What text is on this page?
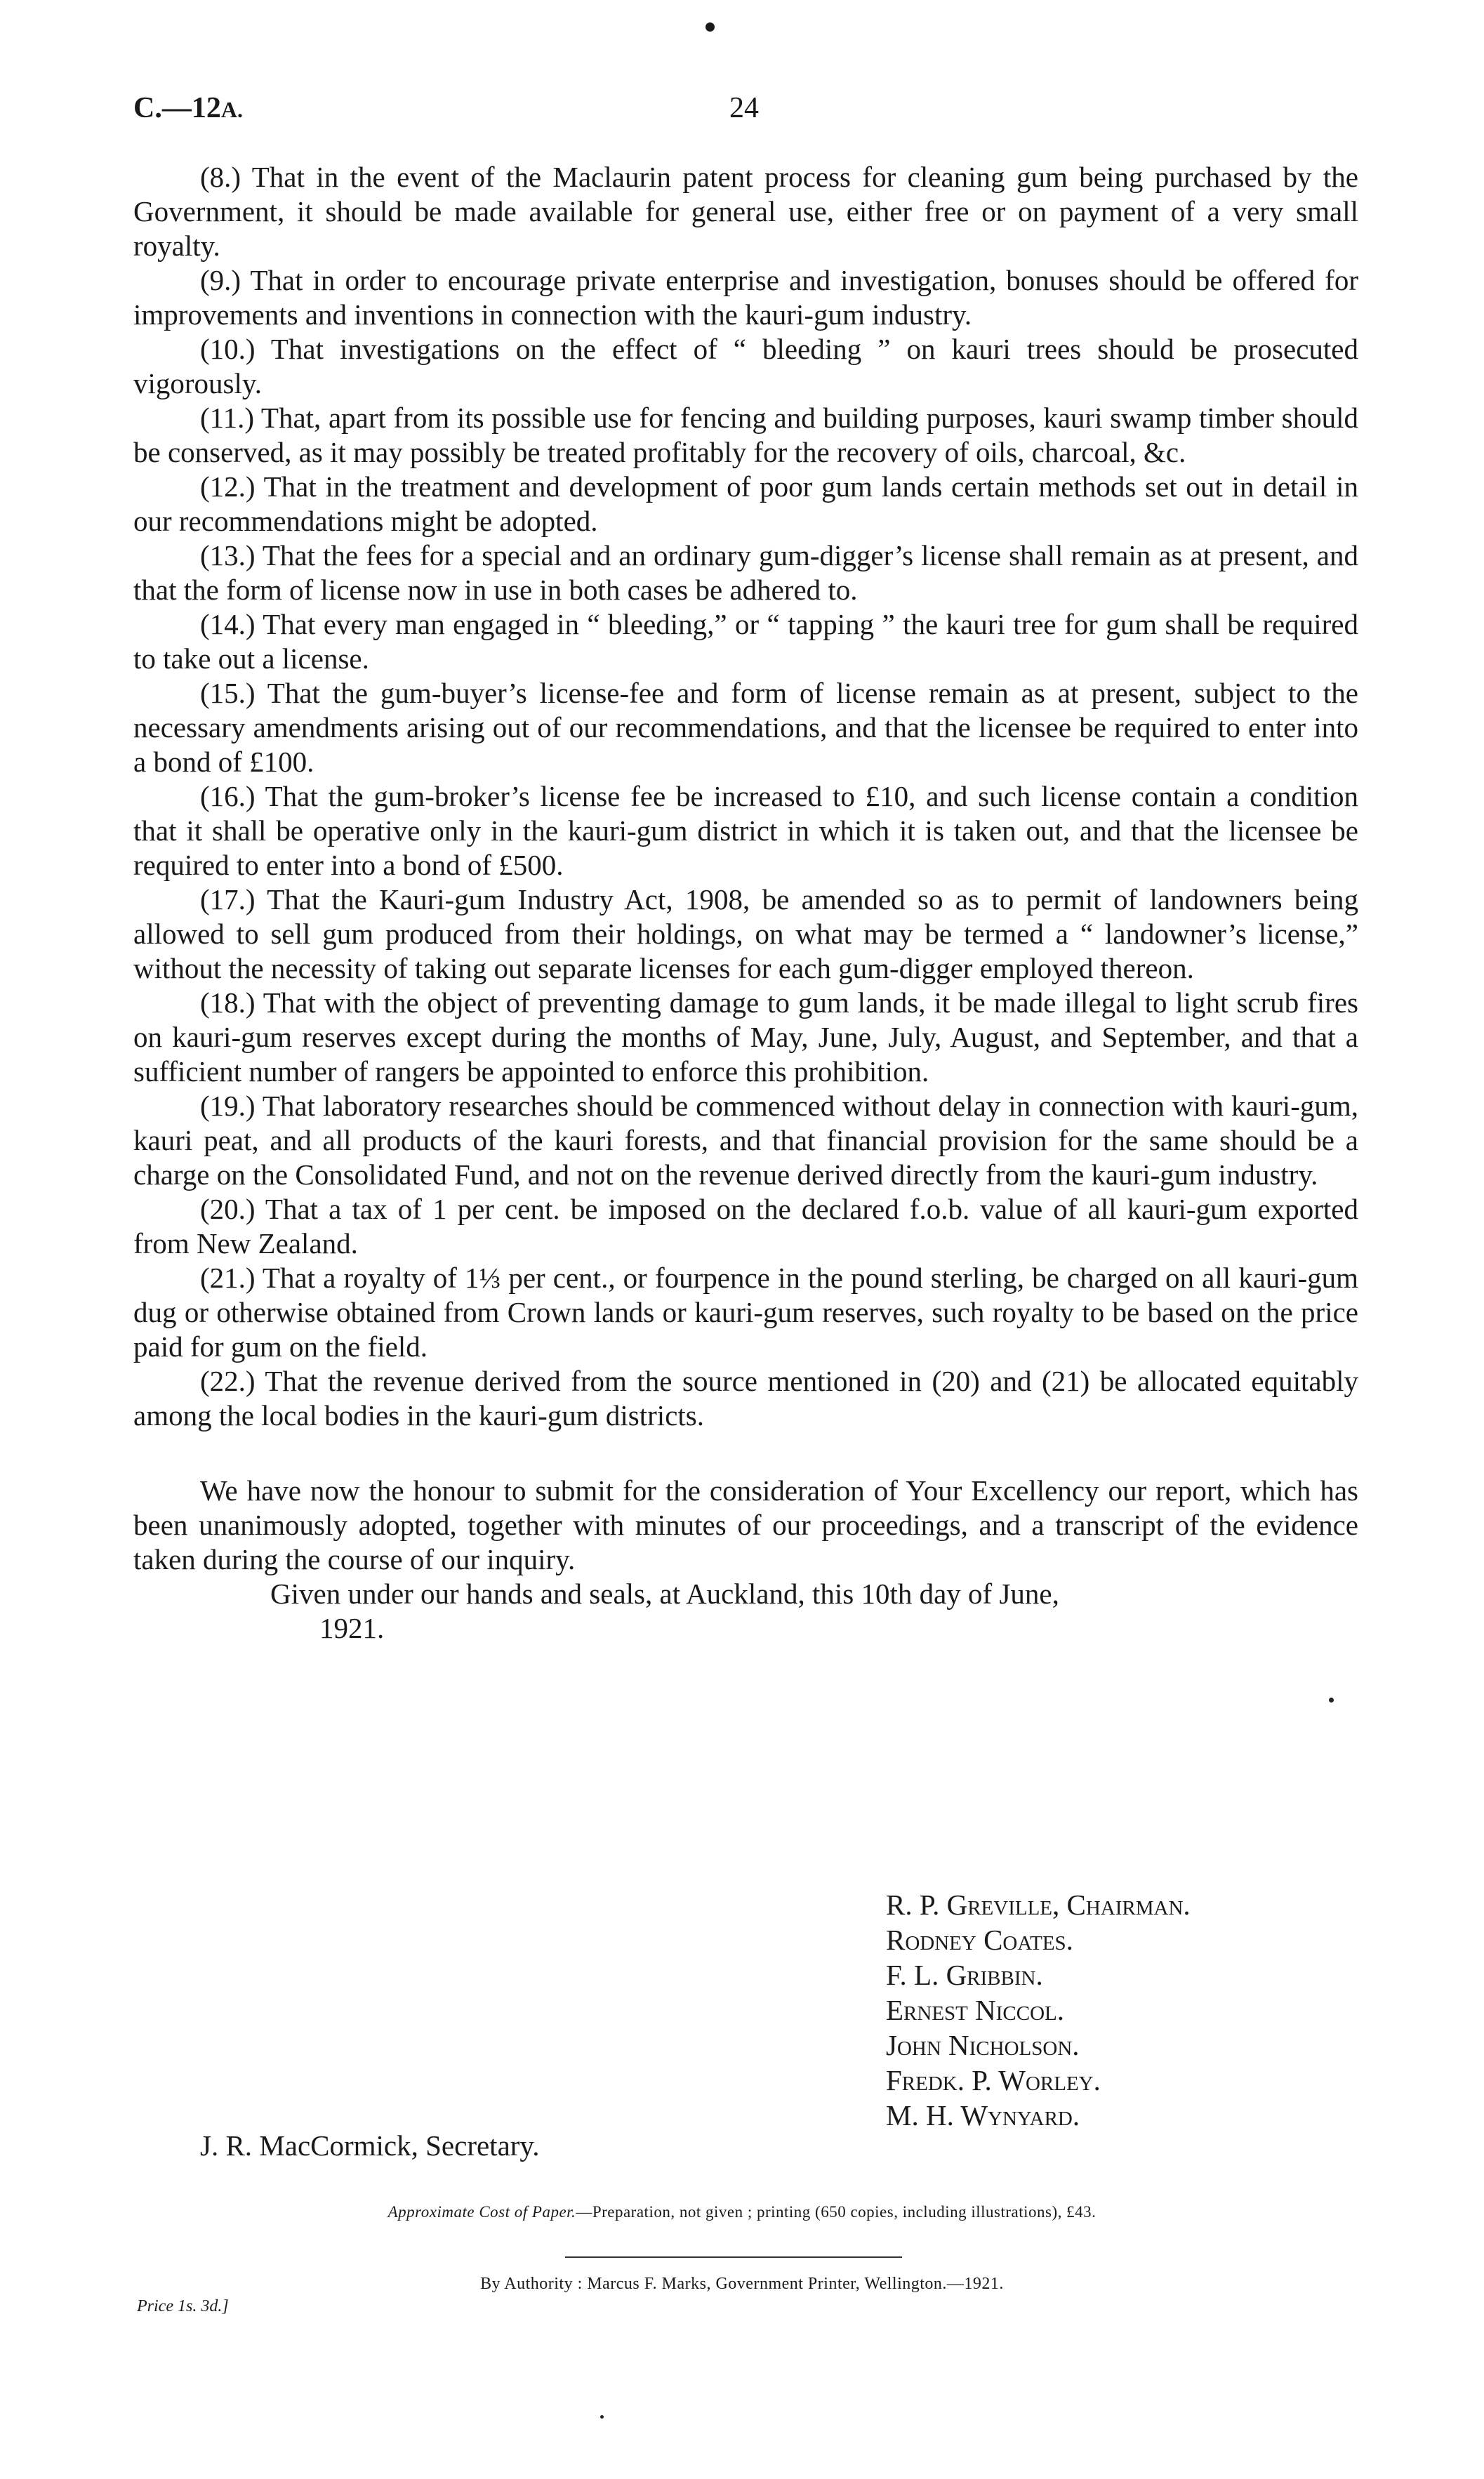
C.—12A.	24

(8.) That in the event of the Maclaurin patent process for cleaning gum being purchased by the Government, it should be made available for general use, either free or on payment of a very small royalty.

(9.) That in order to encourage private enterprise and investigation, bonuses should be offered for improvements and inventions in connection with the kauri-gum industry.

(10.) That investigations on the effect of “ bleeding ” on kauri trees should be prosecuted vigorously.

(11.) That, apart from its possible use for fencing and building purposes, kauri swamp timber should be conserved, as it may possibly be treated profitably for the recovery of oils, charcoal, &c.

(12.) That in the treatment and development of poor gum lands certain methods set out in detail in our recommendations might be adopted.

(13.) That the fees for a special and an ordinary gum-digger’s license shall remain as at present, and that the form of license now in use in both cases be adhered to.

(14.) That every man engaged in “ bleeding,” or “ tapping ” the kauri tree for gum shall be required to take out a license.

(15.) That the gum-buyer’s license-fee and form of license remain as at present, subject to the necessary amendments arising out of our recommendations, and that the licensee be required to enter into a bond of £100.

(16.) That the gum-broker’s license fee be increased to £10, and such license contain a condition that it shall be operative only in the kauri-gum district in which it is taken out, and that the licensee be required to enter into a bond of £500.

(17.) That the Kauri-gum Industry Act, 1908, be amended so as to permit of landowners being allowed to sell gum produced from their holdings, on what may be termed a “ landowner’s license,” without the necessity of taking out separate licenses for each gum-digger employed thereon.

(18.) That with the object of preventing damage to gum lands, it be made illegal to light scrub fires on kauri-gum reserves except during the months of May, June, July, August, and September, and that a sufficient number of rangers be appointed to enforce this prohibition.

(19.) That laboratory researches should be commenced without delay in connection with kauri-gum, kauri peat, and all products of the kauri forests, and that financial provision for the same should be a charge on the Consolidated Fund, and not on the revenue derived directly from the kauri-gum industry.

(20.) That a tax of 1 per cent. be imposed on the declared f.o.b. value of all kauri-gum exported from New Zealand.

(21.) That a royalty of 1⅓ per cent., or fourpence in the pound sterling, be charged on all kauri-gum dug or otherwise obtained from Crown lands or kauri-gum reserves, such royalty to be based on the price paid for gum on the field.

(22.) That the revenue derived from the source mentioned in (20) and (21) be allocated equitably among the local bodies in the kauri-gum districts.

We have now the honour to submit for the consideration of Your Excellency our report, which has been unanimously adopted, together with minutes of our proceedings, and a transcript of the evidence taken during the course of our inquiry.

Given under our hands and seals, at Auckland, this 10th day of June,
1921.

R. P. Greville, Chairman.
Rodney Coates.
F. L. Gribbin.
Ernest Niccol.
John Nicholson.
Fredk. P. Worley.
M. H. Wynyard.
J. R. MacCormick, Secretary.
Approximate Cost of Paper.—Preparation, not given ; printing (650 copies, including illustrations), £43.
By Authority : Marcus F. Marks, Government Printer, Wellington.—1921.
Price 1s. 3d.]
